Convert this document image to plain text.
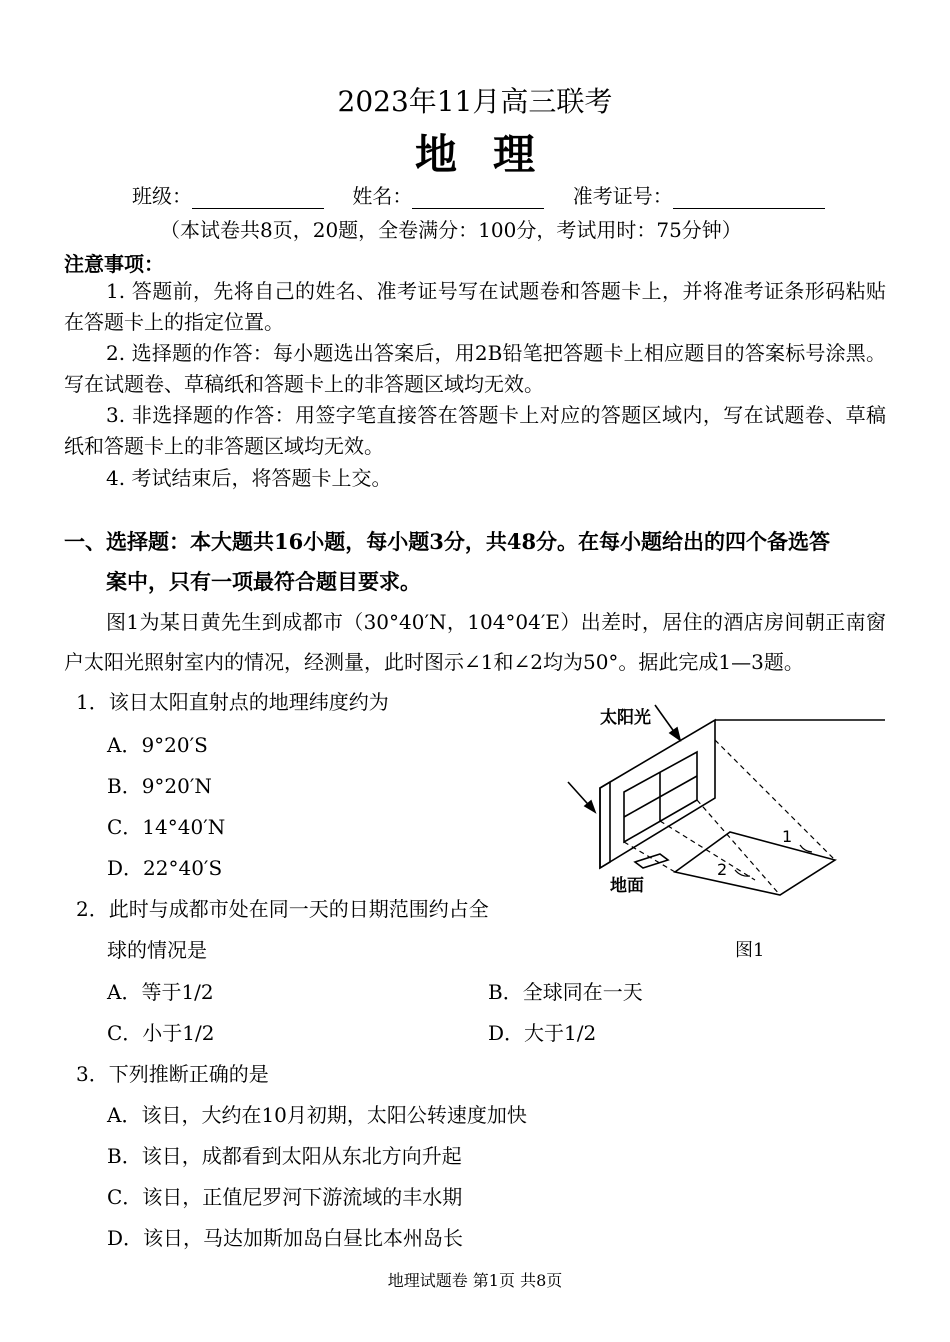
2023年11月高三联考
地理
班级：	姓名：	准考证号：
（本试卷共8页，20题，全卷满分：100分，考试用时：75分钟）
注意事项：
1. 答题前，先将自己的姓名、准考证号写在试题卷和答题卡上，并将准考证条形码粘贴在答题卡上的指定位置。
2. 选择题的作答：每小题选出答案后，用2B铅笔把答题卡上相应题目的答案标号涂黑。写在试题卷、草稿纸和答题卡上的非答题区域均无效。
3. 非选择题的作答：用签字笔直接答在答题卡上对应的答题区域内，写在试题卷、草稿纸和答题卡上的非答题区域均无效。
4. 考试结束后，将答题卡上交。
一、选择题：本大题共16小题，每小题3分，共48分。在每小题给出的四个备选答
案中，只有一项最符合题目要求。
图1为某日黄先生到成都市（30°40′N，104°04′E）出差时，居住的酒店房间朝正南窗户太阳光照射室内的情况，经测量，此时图示∠1和∠2均为50°。据此完成1—3题。
1．该日太阳直射点的地理纬度约为
A．9°20′S
B．9°20′N
C．14°40′N
D．22°40′S
2．此时与成都市处在同一天的日期范围约占全
球的情况是
A．等于1/2	B．全球同在一天
C．小于1/2	D．大于1/2
3．下列推断正确的是
A．该日，大约在10月初期，太阳公转速度加快
B．该日，成都看到太阳从东北方向升起
C．该日，正值尼罗河下游流域的丰水期
D．该日，马达加斯加岛白昼比本州岛长
太阳光
地面
1
2
图1
地理试题卷 第1页 共8页
